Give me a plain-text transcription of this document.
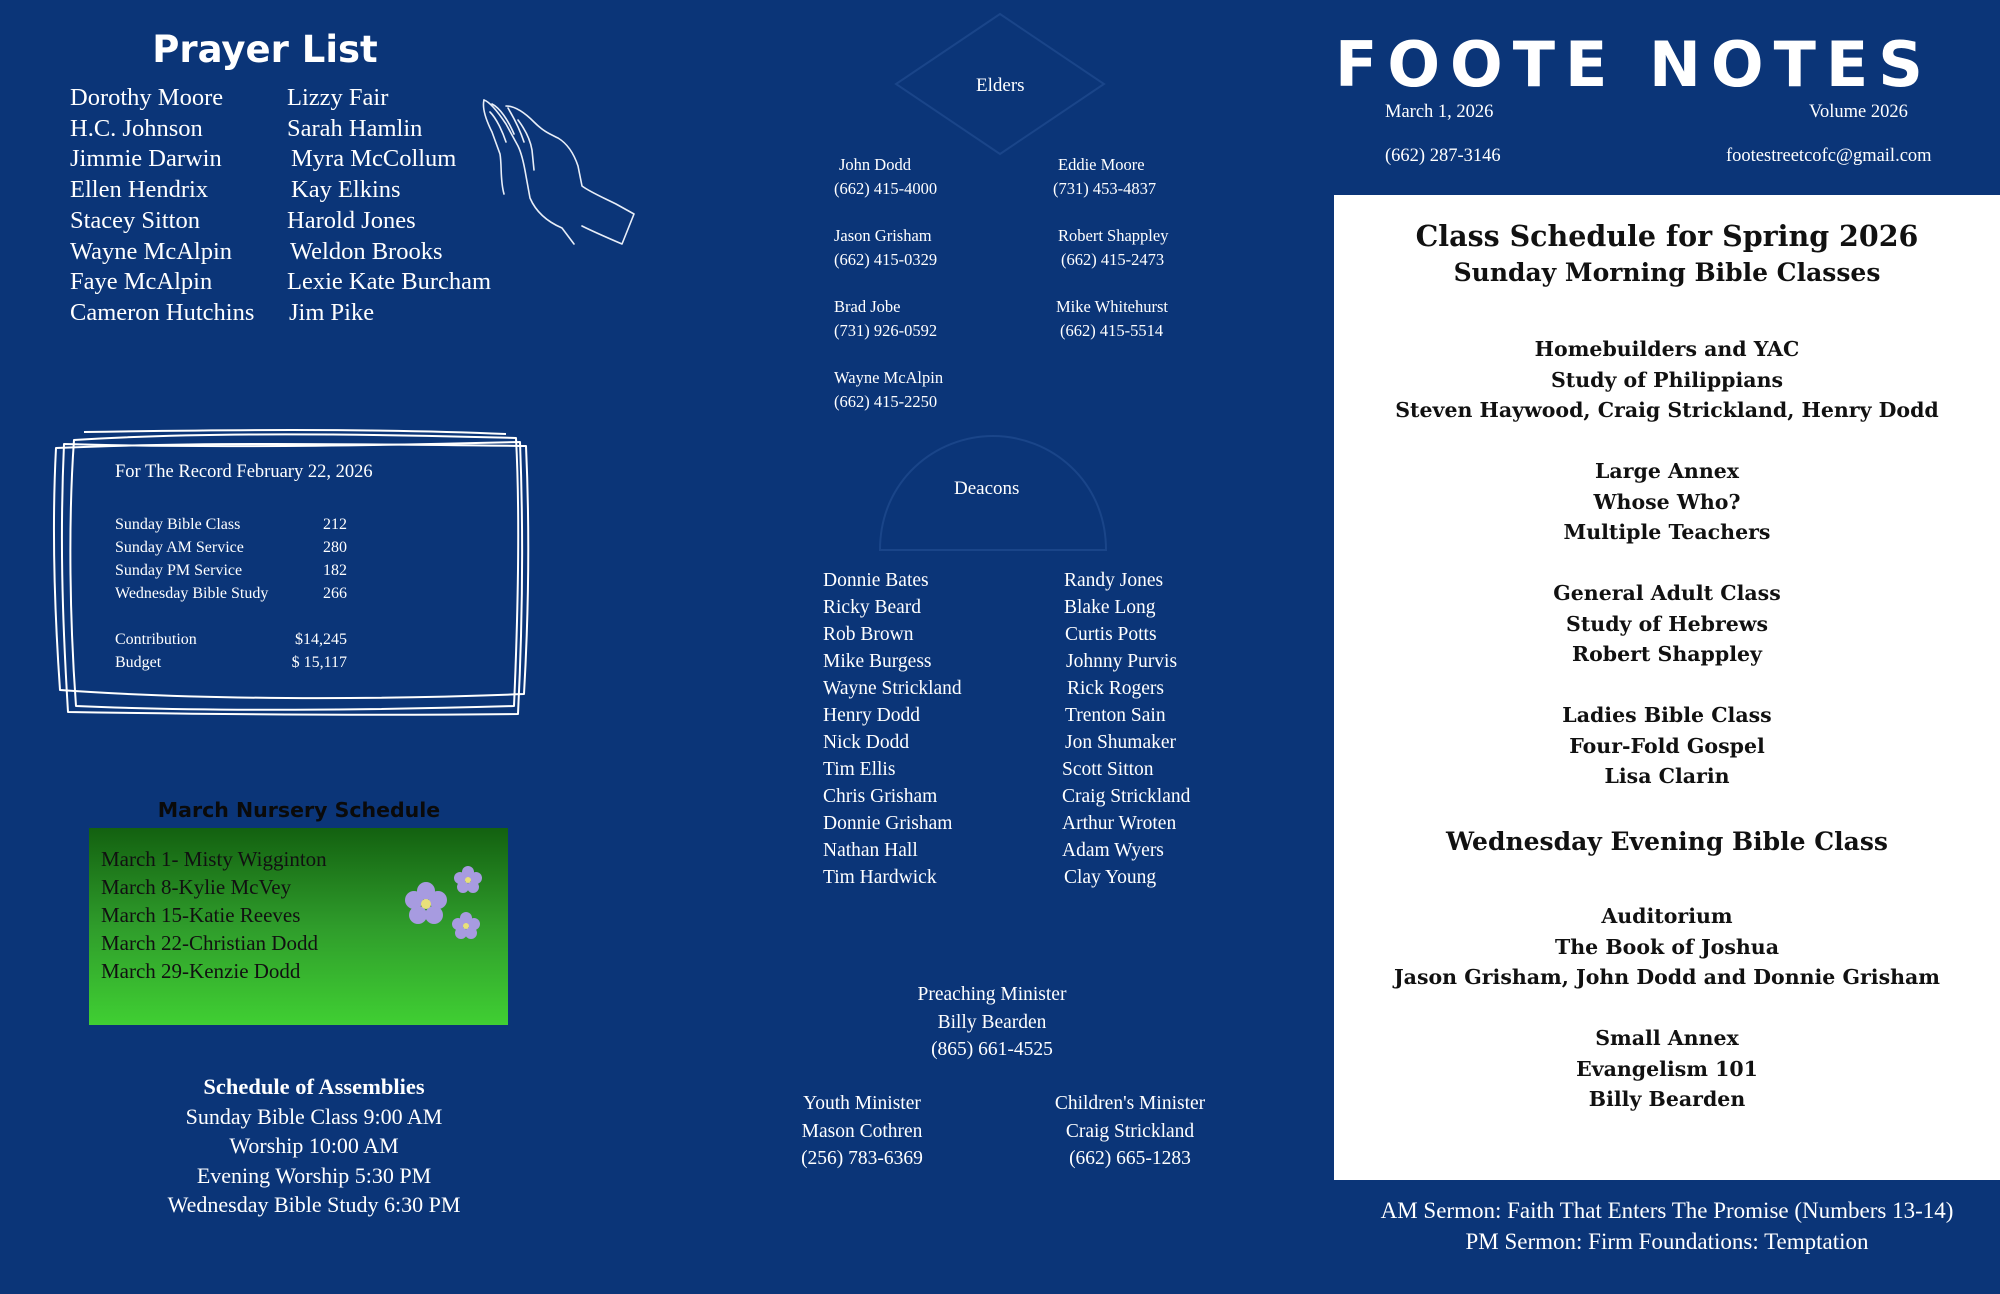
Prayer List
Dorothy Moore
H.C. Johnson
Jimmie Darwin
Ellen Hendrix
Stacey Sitton
Wayne McAlpin
Faye McAlpin
Cameron Hutchins
Lizzy Fair
Sarah Hamlin
Myra McCollum
Kay Elkins
Harold Jones
Weldon Brooks
Lexie Kate Burcham
Jim Pike
For The Record February 22, 2026
Sunday Bible Class	212
Sunday AM Service	280
Sunday PM Service	182
Wednesday Bible Study	266
Contribution	$14,245
Budget	$ 15,117
March Nursery Schedule
March 1- Misty Wigginton
March 8-Kylie McVey
March 15-Katie Reeves
March 22-Christian Dodd
March 29-Kenzie Dodd
Schedule of Assemblies
Sunday Bible Class 9:00 AM
Worship 10:00 AM
Evening Worship 5:30 PM
Wednesday Bible Study 6:30 PM
Elders
John Dodd
(662) 415-4000
Eddie Moore
(731) 453-4837
Jason Grisham
(662) 415-0329
Robert Shappley
(662) 415-2473
Brad Jobe
(731) 926-0592
Mike Whitehurst
(662) 415-5514
Wayne McAlpin
(662) 415-2250
Deacons
Donnie Bates
Ricky Beard
Rob Brown
Mike Burgess
Wayne Strickland
Henry Dodd
Nick Dodd
Tim Ellis
Chris Grisham
Donnie Grisham
Nathan Hall
Tim Hardwick
Randy Jones
Blake Long
Curtis Potts
Johnny Purvis
Rick Rogers
Trenton Sain
Jon Shumaker
Scott Sitton
Craig Strickland
Arthur Wroten
Adam Wyers
Clay Young
Preaching Minister
Billy Bearden
(865) 661-4525
Youth Minister
Mason Cothren
(256) 783-6369
Children's Minister
Craig Strickland
(662) 665-1283
FOOTE NOTES
March 1, 2026	Volume 2026
(662) 287-3146	footestreetcofc@gmail.com
Class Schedule for Spring 2026
Sunday Morning Bible Classes

Homebuilders and YAC
Study of Philippians
Steven Haywood, Craig Strickland, Henry Dodd

Large Annex
Whose Who?
Multiple Teachers

General Adult Class
Study of Hebrews
Robert Shappley

Ladies Bible Class
Four-Fold Gospel
Lisa Clarin

Wednesday Evening Bible Class

Auditorium
The Book of Joshua
Jason Grisham, John Dodd and Donnie Grisham

Small Annex
Evangelism 101
Billy Bearden

AM Sermon: Faith That Enters The Promise (Numbers 13-14)
PM Sermon: Firm Foundations: Temptation
